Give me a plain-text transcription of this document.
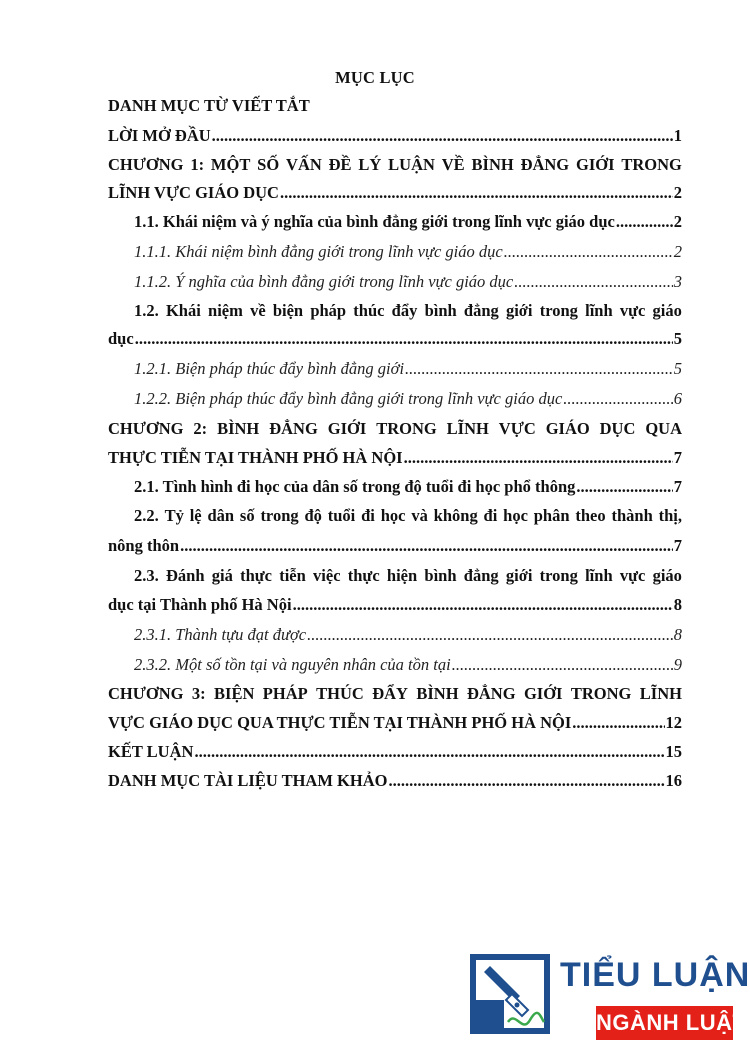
MỤC LỤC
DANH MỤC TỪ VIẾT TẮT
LỜI MỞ ĐẦU .....	1
CHƯƠNG 1: MỘT SỐ VẤN ĐỀ LÝ LUẬN VỀ BÌNH ĐẲNG GIỚI TRONG
LĨNH VỰC GIÁO DỤC .....	2
1.1. Khái niệm và ý nghĩa của bình đẳng giới trong lĩnh vực giáo dục .....	2
1.1.1. Khái niệm bình đẳng giới trong lĩnh vực giáo dục .....	2
1.1.2. Ý nghĩa của bình đẳng giới trong lĩnh vực giáo dục .....	3
1.2. Khái niệm về biện pháp thúc đẩy bình đẳng giới trong lĩnh vực giáo
dục .....	5
1.2.1. Biện pháp thúc đẩy bình đẳng giới .....	5
1.2.2. Biện pháp thúc đẩy bình đẳng giới trong lĩnh vực giáo dục .....	6
CHƯƠNG 2: BÌNH ĐẲNG GIỚI TRONG LĨNH VỰC GIÁO DỤC QUA
THỰC TIỄN TẠI THÀNH PHỐ HÀ NỘI .....	7
2.1. Tình hình đi học của dân số trong độ tuổi đi học phổ thông .....	7
2.2. Tỷ lệ dân số trong độ tuổi đi học và không đi học phân theo thành thị,
nông thôn .....	7
2.3. Đánh giá thực tiễn việc thực hiện bình đẳng giới trong lĩnh vực giáo
dục tại Thành phố Hà Nội .....	8
2.3.1. Thành tựu đạt được .....	8
2.3.2. Một số tồn tại và nguyên nhân của tồn tại .....	9
CHƯƠNG 3: BIỆN PHÁP THÚC ĐẨY BÌNH ĐẲNG GIỚI TRONG LĨNH
VỰC GIÁO DỤC QUA THỰC TIỄN TẠI THÀNH PHỐ HÀ NỘI .....	12
KẾT LUẬN .....	15
DANH MỤC TÀI LIỆU THAM KHẢO .....	16
TIỂU LUẬN
NGÀNH LUẬT
